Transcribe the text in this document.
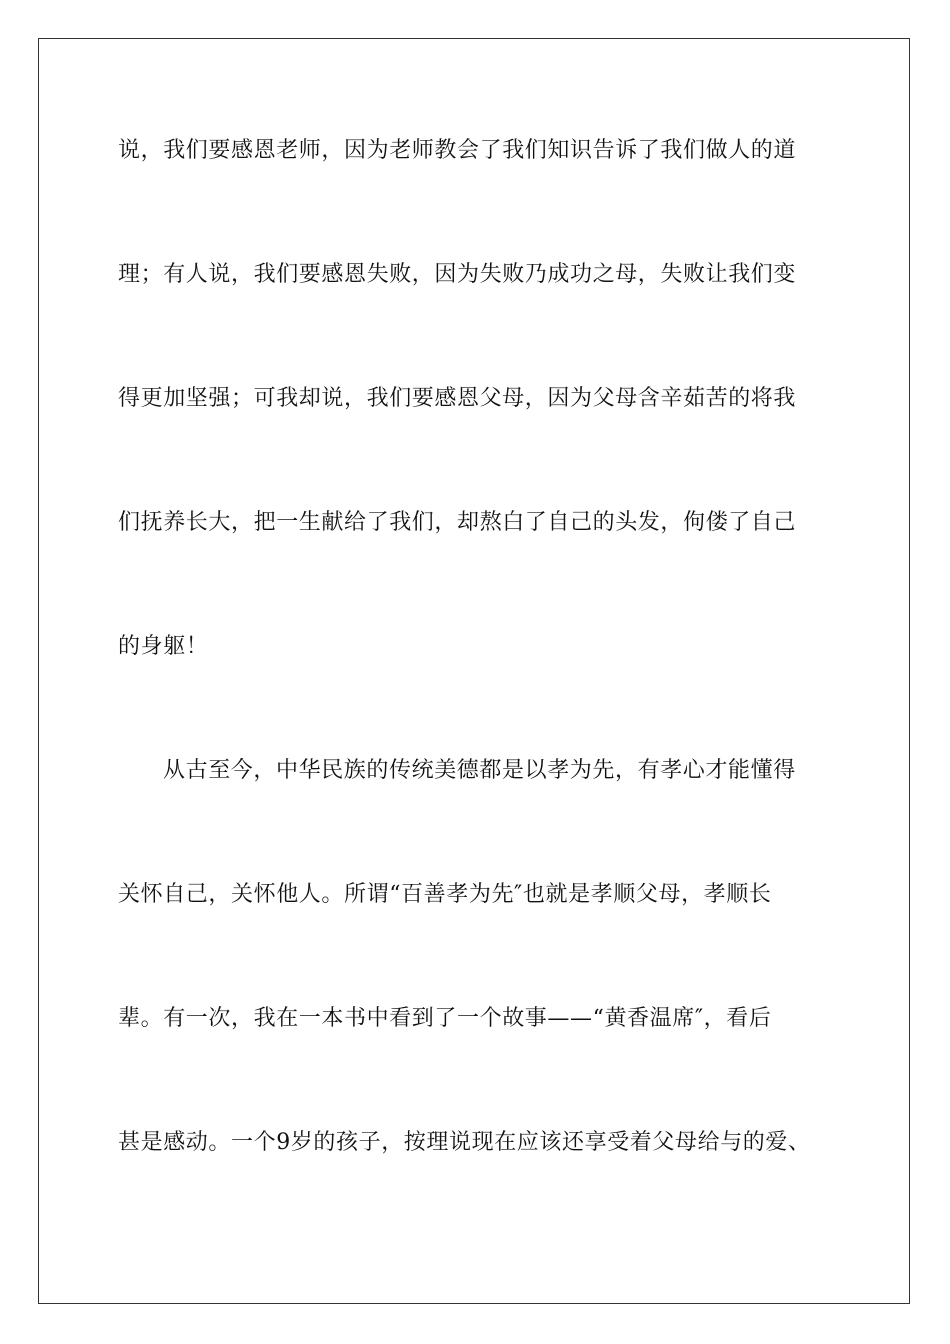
说，我们要感恩老师，因为老师教会了我们知识告诉了我们做人的道

理；有人说，我们要感恩失败，因为失败乃成功之母，失败让我们变

得更加坚强；可我却说，我们要感恩父母，因为父母含辛茹苦的将我

们抚养长大，把一生献给了我们，却熬白了自己的头发，佝偻了自己

的身躯！

从古至今，中华民族的传统美德都是以孝为先，有孝心才能懂得

关怀自己，关怀他人。所谓“百善孝为先″也就是孝顺父母，孝顺长

辈。有一次，我在一本书中看到了一个故事——“黄香温席″，看后

甚是感动。一个9岁的孩子，按理说现在应该还享受着父母给与的爱、
